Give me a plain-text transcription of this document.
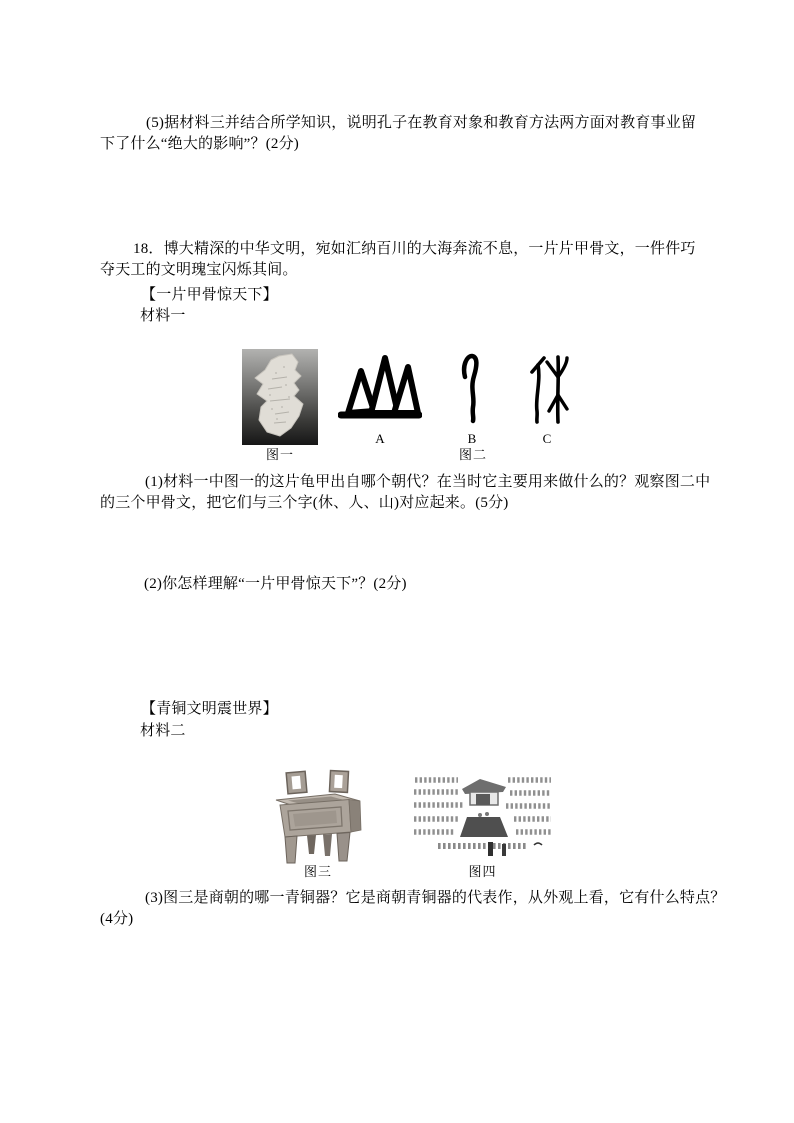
(5)据材料三并结合所学知识，说明孔子在教育对象和教育方法两方面对教育事业留
下了什么“绝大的影响”？(2分)
18．博大精深的中华文明，宛如汇纳百川的大海奔流不息，一片片甲骨文，一件件巧
夺天工的文明瑰宝闪烁其间。
【一片甲骨惊天下】
材料一
图一
A	B	C
图二
(1)材料一中图一的这片龟甲出自哪个朝代？在当时它主要用来做什么的？观察图二中
的三个甲骨文，把它们与三个字(休、人、山)对应起来。(5分)
(2)你怎样理解“一片甲骨惊天下”？(2分)
【青铜文明震世界】
材料二
图三	图四
(3)图三是商朝的哪一青铜器？它是商朝青铜器的代表作，从外观上看，它有什么特点？
(4分)
